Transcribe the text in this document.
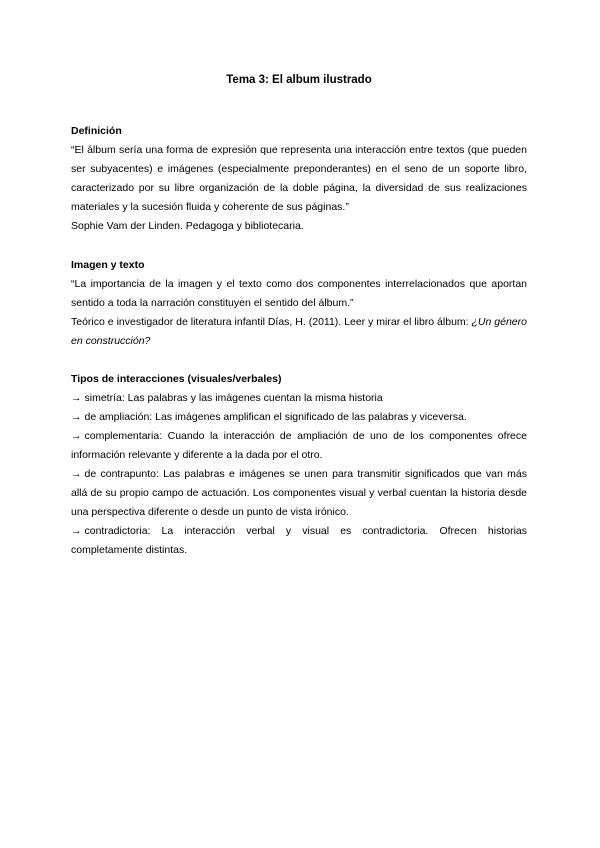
Tema 3: El album ilustrado

Definición

“El álbum sería una forma de expresión que representa una interacción entre textos (que pueden ser subyacentes) e imágenes (especialmente preponderantes) en el seno de un soporte libro, caracterizado por su libre organización de la doble página, la diversidad de sus realizaciones materiales y la sucesión fluida y coherente de sus páginas.”

Sophie Vam der Linden. Pedagoga y bibliotecaria.

Imagen y texto

“La importancia de la imagen y el texto como dos componentes interrelacionados que aportan sentido a toda la narración constituyen el sentido del álbum.”

Teórico e investigador de literatura infantil Días, H. (2011). Leer y mirar el libro álbum: ¿Un género en construcción?

Tipos de interacciones (visuales/verbales)

→ simetría: Las palabras y las imágenes cuentan la misma historia

→ de ampliación: Las imágenes amplifican el significado de las palabras y viceversa.

→ complementaria: Cuando la interacción de ampliación de uno de los componentes ofrece información relevante y diferente a la dada por el otro.

→ de contrapunto: Las palabras e imágenes se unen para transmitir significados que van más allá de su propio campo de actuación. Los componentes visual y verbal cuentan la historia desde una perspectiva diferente o desde un punto de vista irónico.

→ contradictoria: La interacción verbal y visual es contradictoria. Ofrecen historias completamente distintas.
